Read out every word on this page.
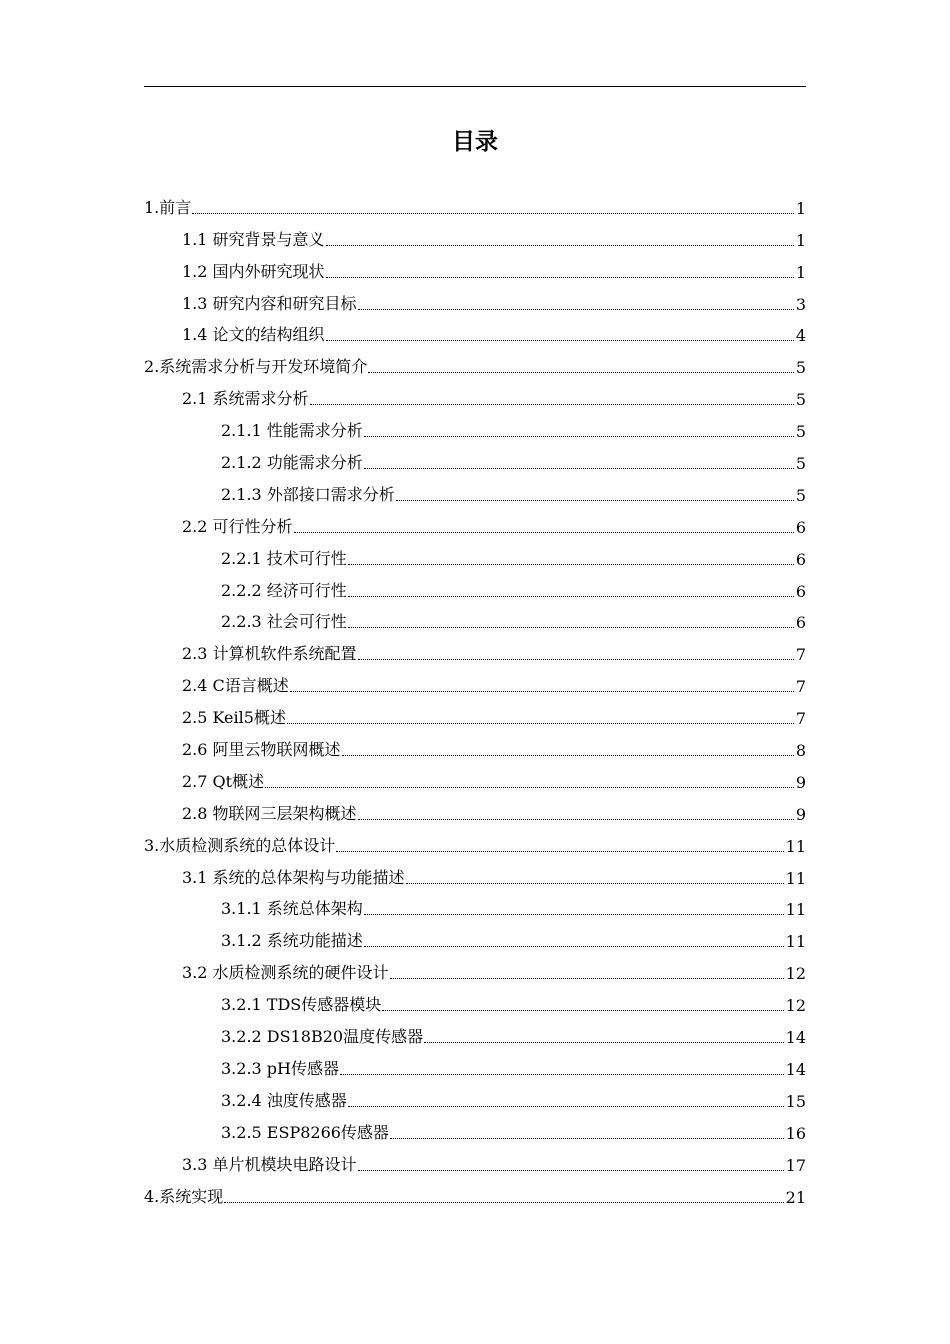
目录
1.前言	1
1.1 研究背景与意义	1
1.2 国内外研究现状	1
1.3 研究内容和研究目标	3
1.4 论文的结构组织	4
2.系统需求分析与开发环境简介	5
2.1 系统需求分析	5
2.1.1 性能需求分析	5
2.1.2 功能需求分析	5
2.1.3 外部接口需求分析	5
2.2 可行性分析	6
2.2.1 技术可行性	6
2.2.2 经济可行性	6
2.2.3 社会可行性	6
2.3 计算机软件系统配置	7
2.4 C语言概述	7
2.5 Keil5概述	7
2.6 阿里云物联网概述	8
2.7 Qt概述	9
2.8 物联网三层架构概述	9
3.水质检测系统的总体设计	11
3.1 系统的总体架构与功能描述	11
3.1.1 系统总体架构	11
3.1.2 系统功能描述	11
3.2 水质检测系统的硬件设计	12
3.2.1 TDS传感器模块	12
3.2.2 DS18B20温度传感器	14
3.2.3 pH传感器	14
3.2.4 浊度传感器	15
3.2.5 ESP8266传感器	16
3.3 单片机模块电路设计	17
4.系统实现	21
